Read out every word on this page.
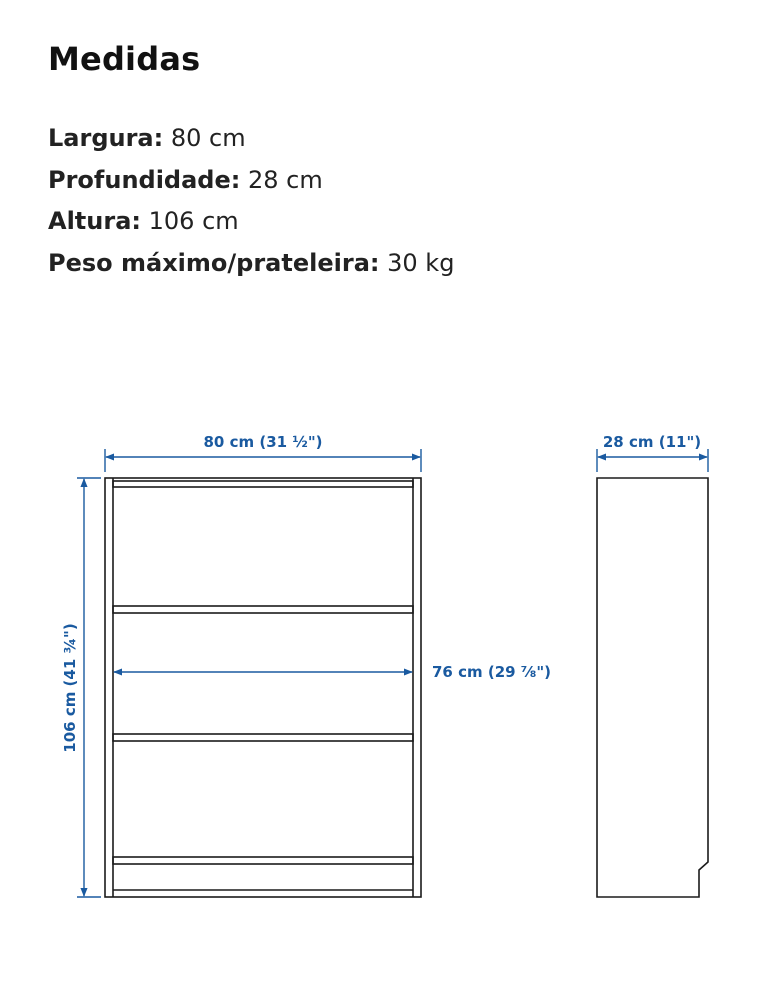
Medidas
Largura: 80 cm
Profundidade: 28 cm
Altura: 106 cm
Peso máximo/prateleira: 30 kg
80 cm (31 ½")
106 cm (41 ¾")	76 cm (29 ⅞")
28 cm (11")
